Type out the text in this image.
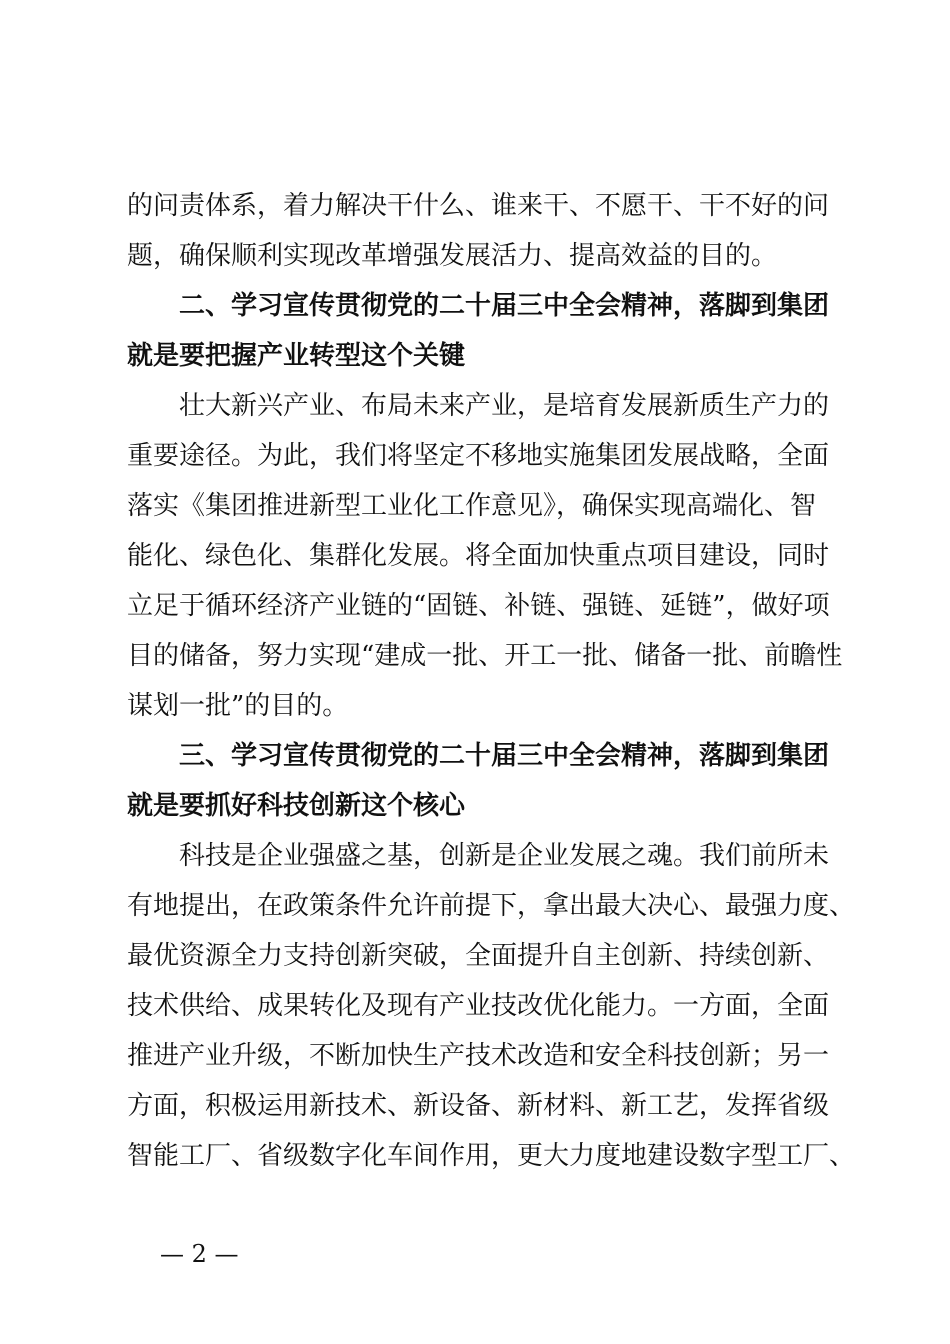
的问责体系，着力解决干什么、谁来干、不愿干、干不好的问
题，确保顺利实现改革增强发展活力、提高效益的目的。
二、学习宣传贯彻党的二十届三中全会精神，落脚到集团
就是要把握产业转型这个关键
壮大新兴产业、布局未来产业，是培育发展新质生产力的
重要途径。为此，我们将坚定不移地实施集团发展战略，全面
落实《集团推进新型工业化工作意见》，确保实现高端化、智
能化、绿色化、集群化发展。将全面加快重点项目建设，同时
立足于循环经济产业链的“固链、补链、强链、延链”，做好项
目的储备，努力实现“建成一批、开工一批、储备一批、前瞻性
谋划一批”的目的。
三、学习宣传贯彻党的二十届三中全会精神，落脚到集团
就是要抓好科技创新这个核心
科技是企业强盛之基，创新是企业发展之魂。我们前所未
有地提出，在政策条件允许前提下，拿出最大决心、最强力度、
最优资源全力支持创新突破，全面提升自主创新、持续创新、
技术供给、成果转化及现有产业技改优化能力。一方面，全面
推进产业升级，不断加快生产技术改造和安全科技创新；另一
方面，积极运用新技术、新设备、新材料、新工艺，发挥省级
智能工厂、省级数字化车间作用，更大力度地建设数字型工厂、
— 2 —
